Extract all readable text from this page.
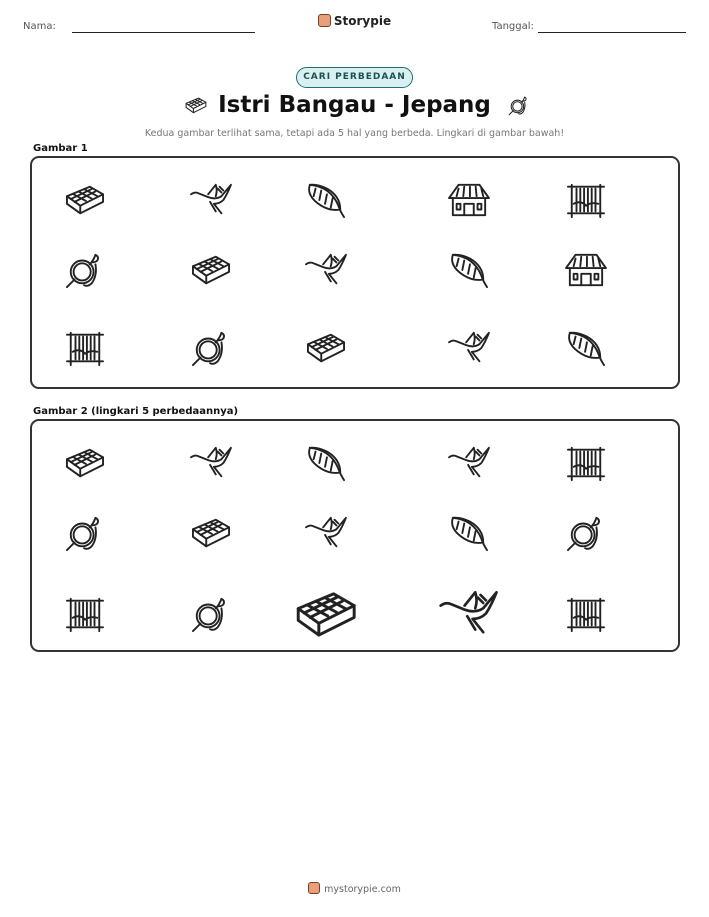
Nama:	Storypie	Tanggal:
CARI PERBEDAAN
Istri Bangau - Jepang
Kedua gambar terlihat sama, tetapi ada 5 hal yang berbeda. Lingkari di gambar bawah!
Gambar 1
Gambar 2 (lingkari 5 perbedaannya)
mystorypie.com
